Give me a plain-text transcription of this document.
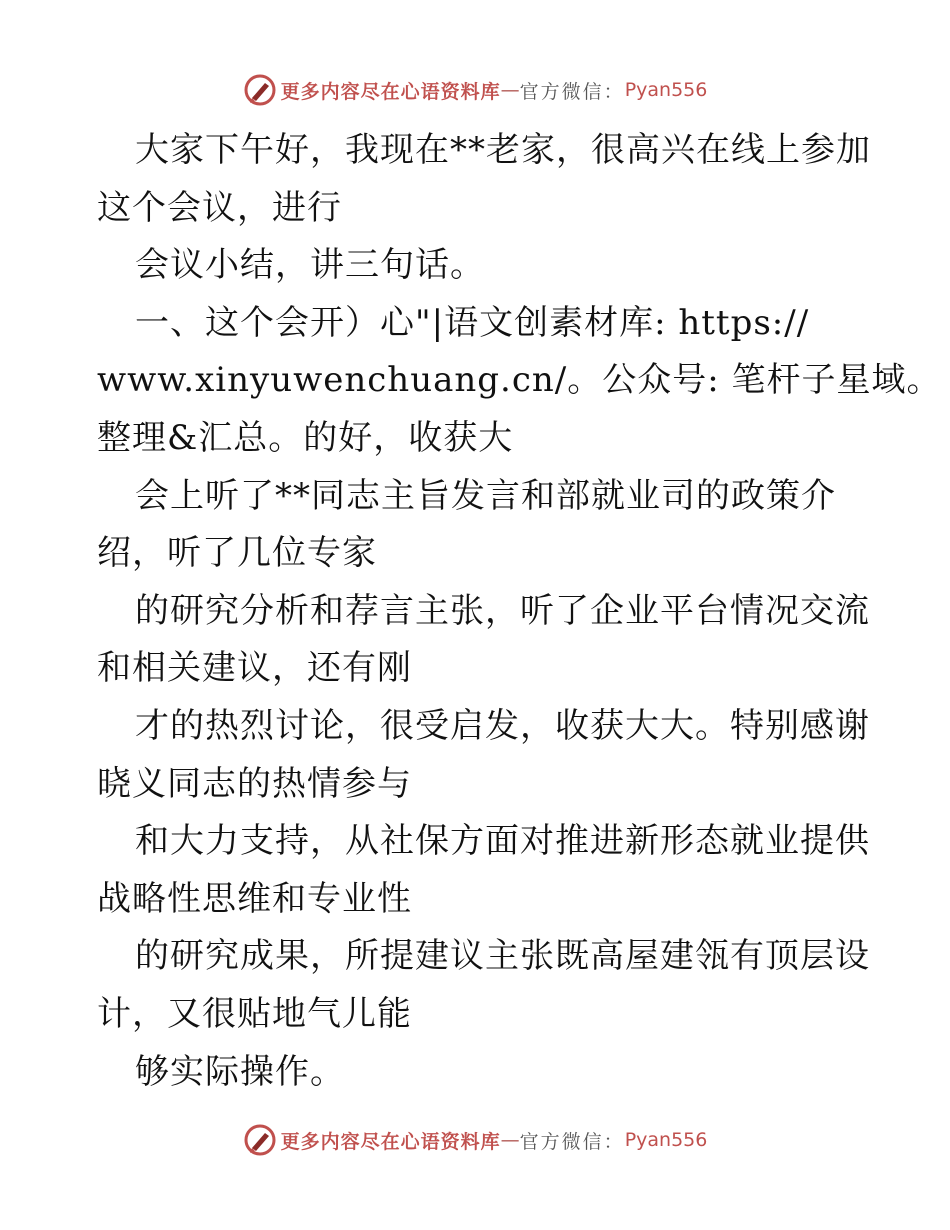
更多内容尽在心语资料库 — 官方微信： Pyan556
大家下午好，我现在**老家，很高兴在线上参加
这个会议，进行
会议小结，讲三句话。
一、这个会开）心"|语文创素材库: https://
www.xinyuwenchuang.cn/。公众号: 笔杆子星域。
整理&汇总。的好，收获大
会上听了**同志主旨发言和部就业司的政策介
绍，听了几位专家
的研究分析和荐言主张，听了企业平台情况交流
和相关建议，还有刚
才的热烈讨论，很受启发，收获大大。特别感谢
晓义同志的热情参与
和大力支持，从社保方面对推进新形态就业提供
战略性思维和专业性
的研究成果，所提建议主张既高屋建瓴有顶层设
计，又很贴地气儿能
够实际操作。
更多内容尽在心语资料库 — 官方微信： Pyan556
